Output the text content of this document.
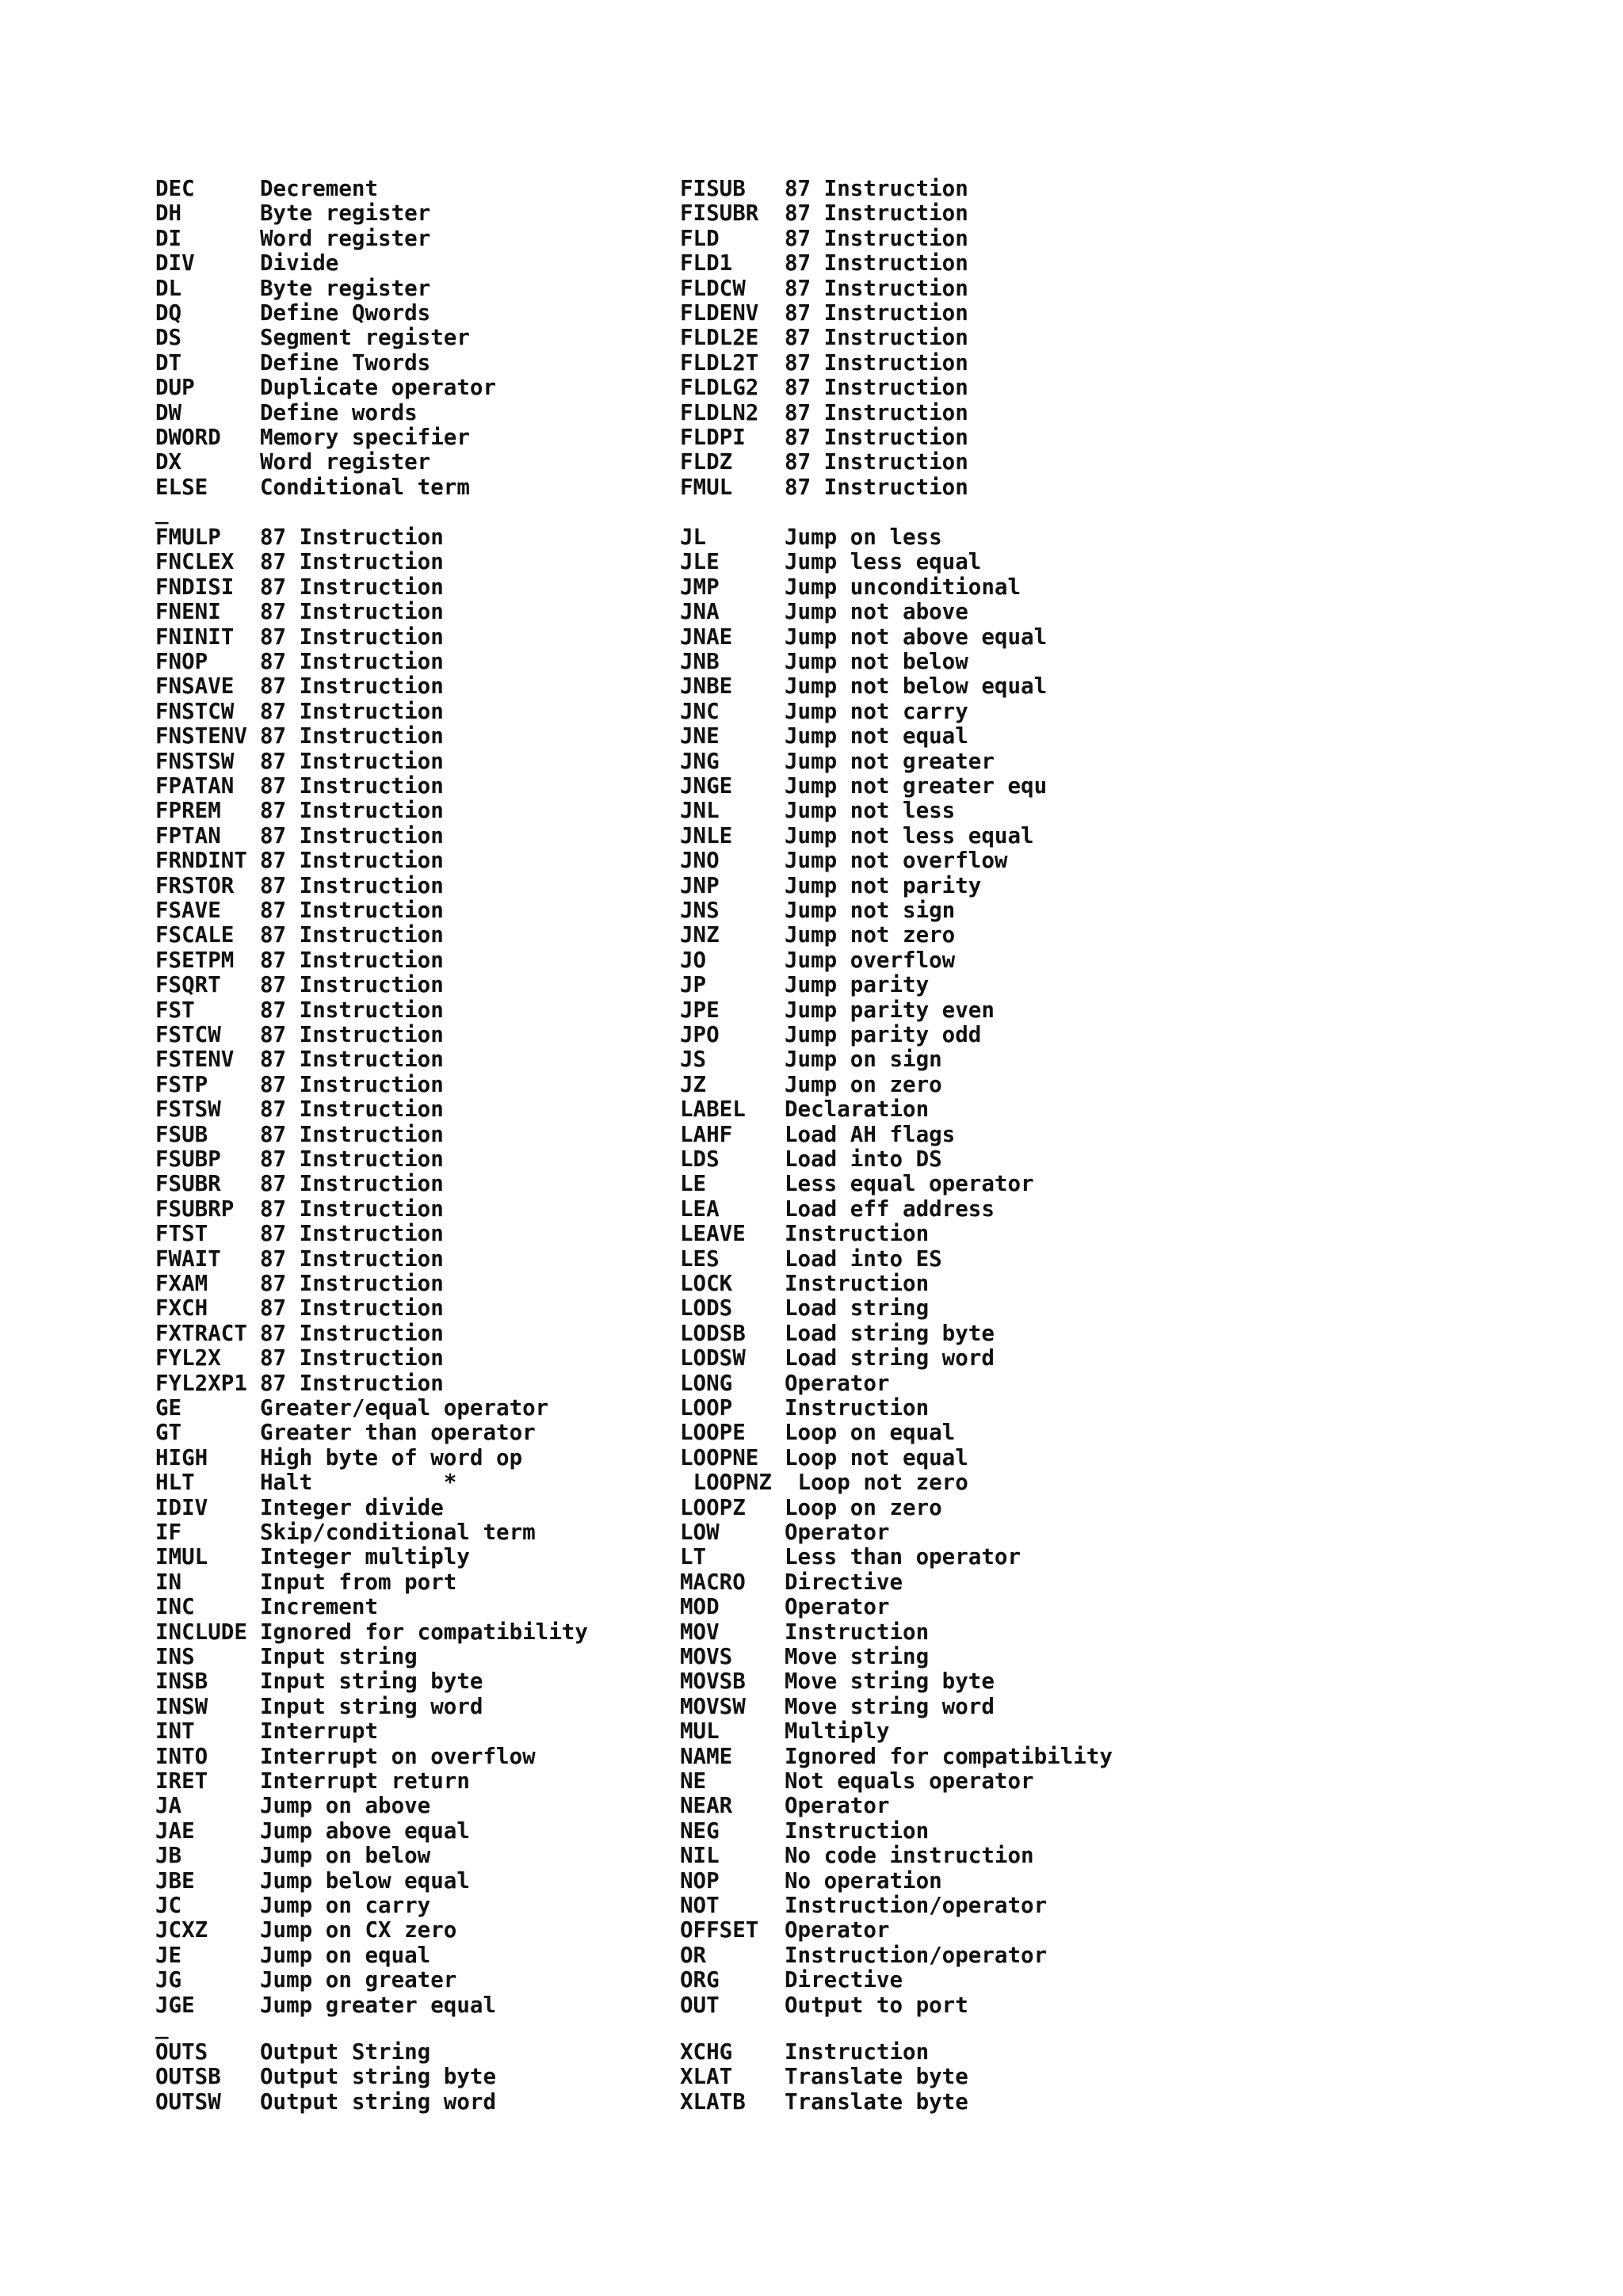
DEC	Decrement	FISUB 87 Instruction
DH	Byte register	FISUBR 87 Instruction
DI	Word register	FLD	87 Instruction
DIV	Divide	FLD1 87 Instruction
DL	Byte register	FLDCW 87 Instruction
DQ	Define Qwords	FLDENV 87 Instruction
DS	Segment register	FLDL2E 87 Instruction
DT	Define Twords	FLDL2T 87 Instruction
DUP	Duplicate operator	FLDLG2 87 Instruction
DW	Define words	FLDLN2 87 Instruction
DWORD Memory specifier	FLDPI 87 Instruction
DX	Word register	FLDZ 87 Instruction
ELSE Conditional term	FMUL 87 Instruction
FMULP 87 Instruction	JL	Jump on less
FNCLEX 87 Instruction	JLE	Jump less equal
FNDISI 87 Instruction	JMP	Jump unconditional
FNENI 87 Instruction	JNA	Jump not above
FNINIT 87 Instruction	JNAE Jump not above equal
FNOP 87 Instruction	JNB	Jump not below
FNSAVE 87 Instruction	JNBE Jump not below equal
FNSTCW 87 Instruction	JNC	Jump not carry
FNSTENV 87 Instruction	JNE	Jump not equal
FNSTSW 87 Instruction	JNG	Jump not greater
FPATAN 87 Instruction	JNGE Jump not greater equ
FPREM 87 Instruction	JNL	Jump not less
FPTAN 87 Instruction	JNLE Jump not less equal
FRNDINT 87 Instruction	JNO	Jump not overflow
FRSTOR 87 Instruction	JNP	Jump not parity
FSAVE 87 Instruction	JNS	Jump not sign
FSCALE 87 Instruction	JNZ	Jump not zero
FSETPM 87 Instruction	JO	Jump overflow
FSQRT 87 Instruction	JP	Jump parity
FST	87 Instruction	JPE	Jump parity even
FSTCW 87 Instruction	JPO	Jump parity odd
FSTENV 87 Instruction	JS	Jump on sign
FSTP 87 Instruction	JZ	Jump on zero
FSTSW 87 Instruction	LABEL Declaration
FSUB 87 Instruction	LAHF Load AH flags
FSUBP 87 Instruction	LDS	Load into DS
FSUBR 87 Instruction	LE	Less equal operator
FSUBRP 87 Instruction	LEA	Load eff address
FTST 87 Instruction	LEAVE Instruction
FWAIT 87 Instruction	LES	Load into ES
FXAM 87 Instruction	LOCK Instruction
FXCH 87 Instruction	LODS Load string
FXTRACT 87 Instruction	LODSB Load string byte
FYL2X 87 Instruction	LODSW Load string word
FYL2XP1 87 Instruction	LONG Operator
GE	Greater/equal operator	LOOP Instruction
GT	Greater than operator	LOOPE Loop on equal
HIGH High byte of word op	LOOPNE Loop not equal
HLT	Halt          *	LOOPNZ Loop not zero
IDIV Integer divide	LOOPZ Loop on zero
IF	Skip/conditional term	LOW	Operator
IMUL Integer multiply	LT	Less than operator
IN	Input from port	MACRO Directive
INC	Increment	MOD	Operator
INCLUDE Ignored for compatibility	MOV	Instruction
INS	Input string	MOVS Move string
INSB Input string byte	MOVSB Move string byte
INSW Input string word	MOVSW Move string word
INT	Interrupt	MUL	Multiply
INTO Interrupt on overflow	NAME Ignored for compatibility
IRET Interrupt return	NE	Not equals operator
JA	Jump on above	NEAR Operator
JAE	Jump above equal	NEG	Instruction
JB	Jump on below	NIL	No code instruction
JBE	Jump below equal	NOP	No operation
JC	Jump on carry	NOT	Instruction/operator
JCXZ Jump on CX zero	OFFSET Operator
JE	Jump on equal	OR	Instruction/operator
JG	Jump on greater	ORG	Directive
JGE	Jump greater equal	OUT	Output to port
OUTS Output String	XCHG Instruction
OUTSB Output string byte	XLAT Translate byte
OUTSW Output string word	XLATB Translate byte
_
_
